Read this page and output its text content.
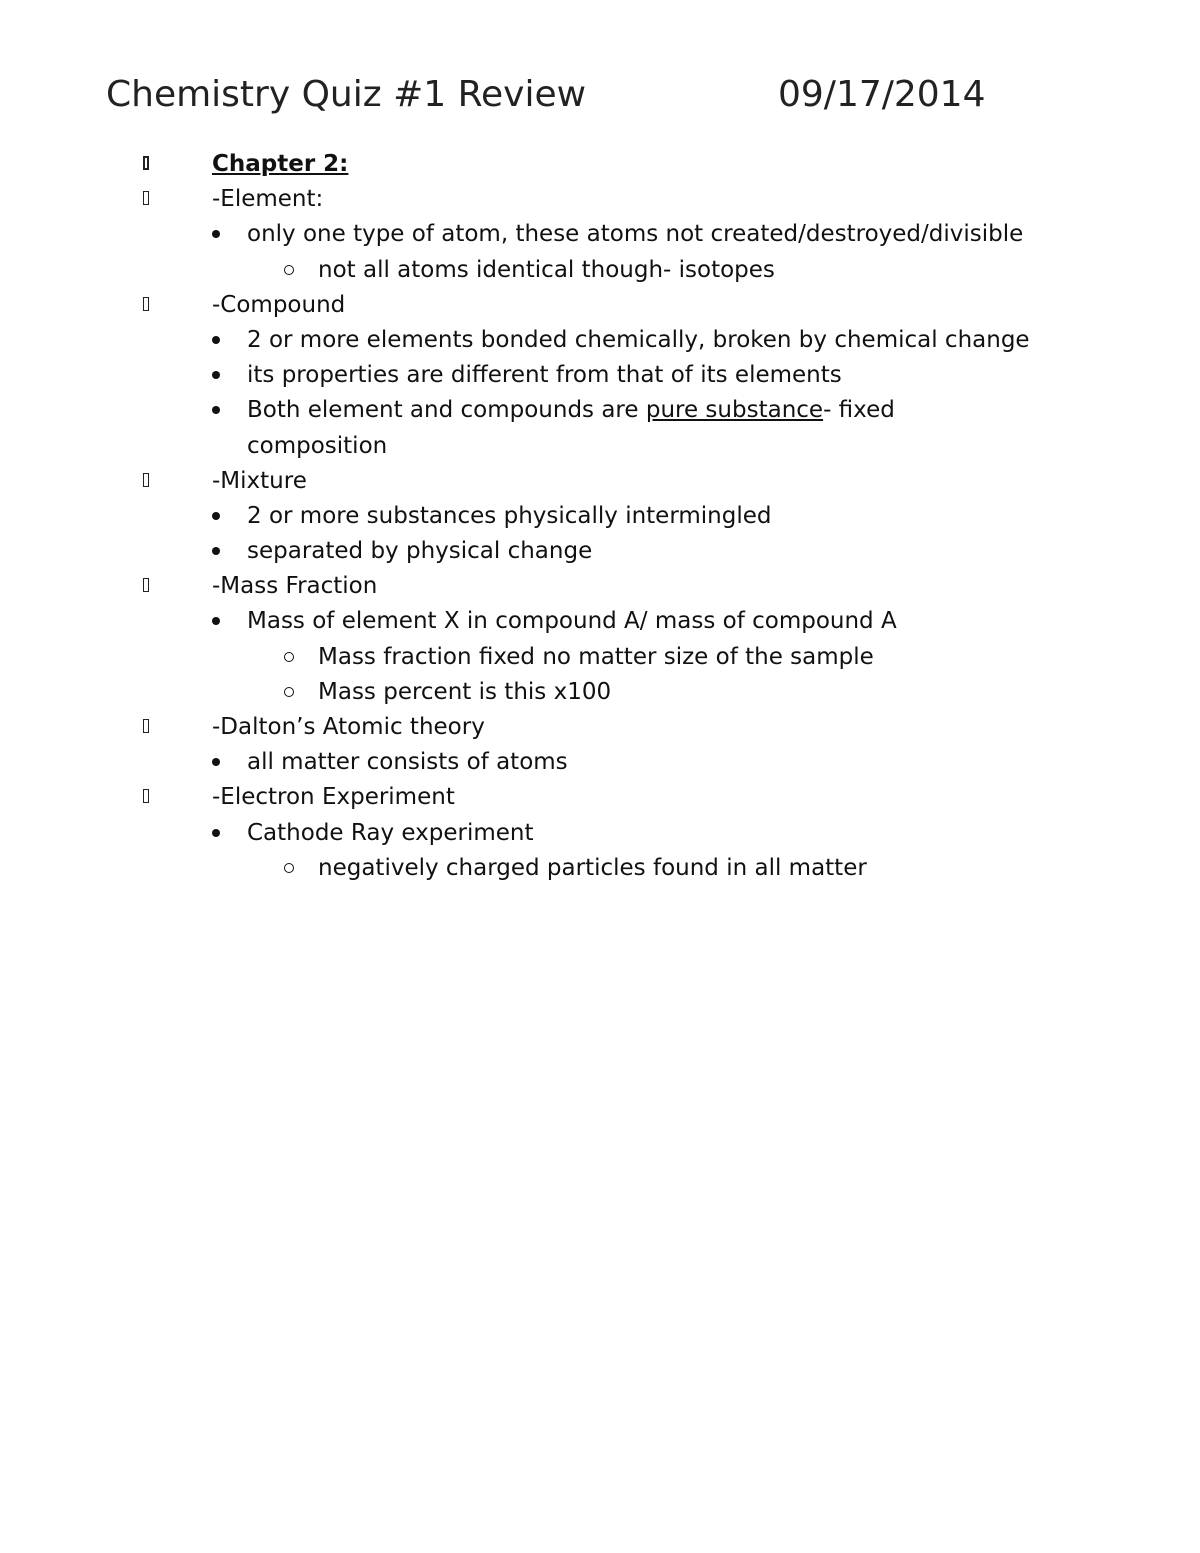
Chemistry Quiz #1 Review	09/17/2014
Chapter 2:
-Element:
only one type of atom, these atoms not created/destroyed/divisible
not all atoms identical though- isotopes
-Compound
2 or more elements bonded chemically, broken by chemical change
its properties are different from that of its elements
Both element and compounds are pure substance- fixed composition
-Mixture
2 or more substances physically intermingled
separated by physical change
-Mass Fraction
Mass of element X in compound A/ mass of compound A
Mass fraction fixed no matter size of the sample
Mass percent is this x100
-Dalton’s Atomic theory
all matter consists of atoms
-Electron Experiment
Cathode Ray experiment
negatively charged particles found in all matter
